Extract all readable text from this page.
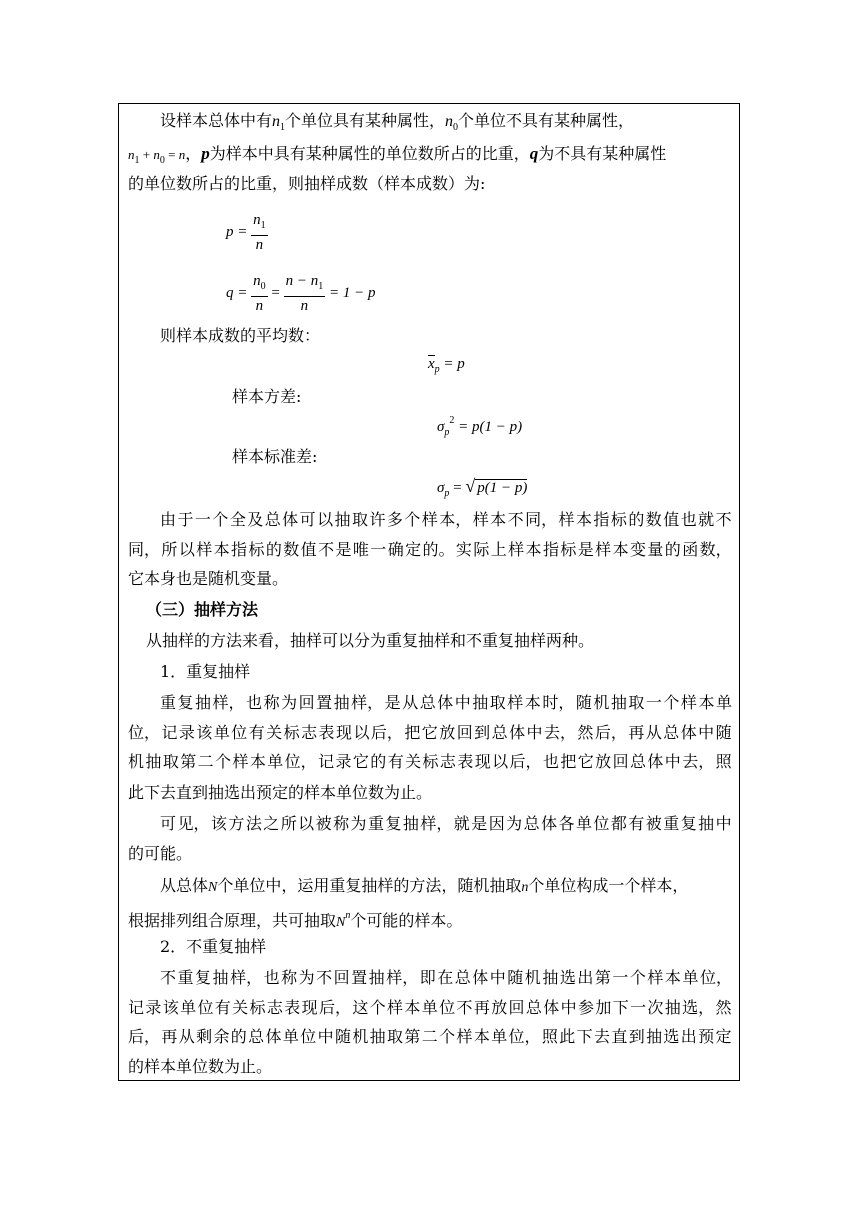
设样本总体中有$n_1$个单位具有某种属性，$n_0$个单位不具有某种属性，
$n_1 + n_0 = n$，p为样本中具有某种属性的单位数所占的比重，q为不具有某种属性
的单位数所占的比重，则抽样成数（样本成数）为:
$p = \frac{n_1}{n}$
$q = \frac{n_0}{n} = \frac{n - n_1}{n} = 1 - p$
则样本成数的平均数：
$x_p = p$
样本方差:
$\sigma_p^2 = p(1 - p)$
样本标准差:
$\sigma_p$ = √ p(1 − p)
由 于 一 个 全 及 总 体 可 以 抽 取 许 多 个 样 本， 样 本 不 同， 样 本 指 标 的 数 值 也 就 不
同， 所 以 样 本 指 标 的 数 值 不 是 唯 一 确 定 的。 实 际 上 样 本 指 标 是 样 本 变 量 的 函 数，
它本身也是随机变量。
（三）抽样方法
从抽样的方法来看，抽样可以分为重复抽样和不重复抽样两种。
1．重复抽样
重 复 抽 样， 也 称 为 回 置 抽 样， 是 从 总 体 中 抽 取 样 本 时， 随 机 抽 取 一 个 样 本 单
位， 记 录 该 单 位 有 关 标 志 表 现 以 后， 把 它 放 回 到 总 体 中 去， 然 后， 再 从 总 体 中 随
机 抽 取 第 二 个 样 本 单 位， 记 录 它 的 有 关 标 志 表 现 以 后， 也 把 它 放 回 总 体 中 去， 照
此下去直到抽选出预定的样本单位数为止。
可 见， 该 方 法 之 所 以 被 称 为 重 复 抽 样， 就 是 因 为 总 体 各 单 位 都 有 被 重 复 抽 中
的可能。
从总体N个单位中，运用重复抽样的方法，随机抽取n个单位构成一个样本，
根据排列组合原理，共可抽取$N^n$个可能的样本。
2．不重复抽样
不 重 复 抽 样， 也 称 为 不 回 置 抽 样， 即 在 总 体 中 随 机 抽 选 出 第 一 个 样 本 单 位，
记 录 该 单 位 有 关 标 志 表 现 后， 这 个 样 本 单 位 不 再 放 回 总 体 中 参 加 下 一 次 抽 选， 然
后， 再 从 剩 余 的 总 体 单 位 中 随 机 抽 取 第 二 个 样 本 单 位， 照 此 下 去 直 到 抽 选 出 预 定
的样本单位数为止。
